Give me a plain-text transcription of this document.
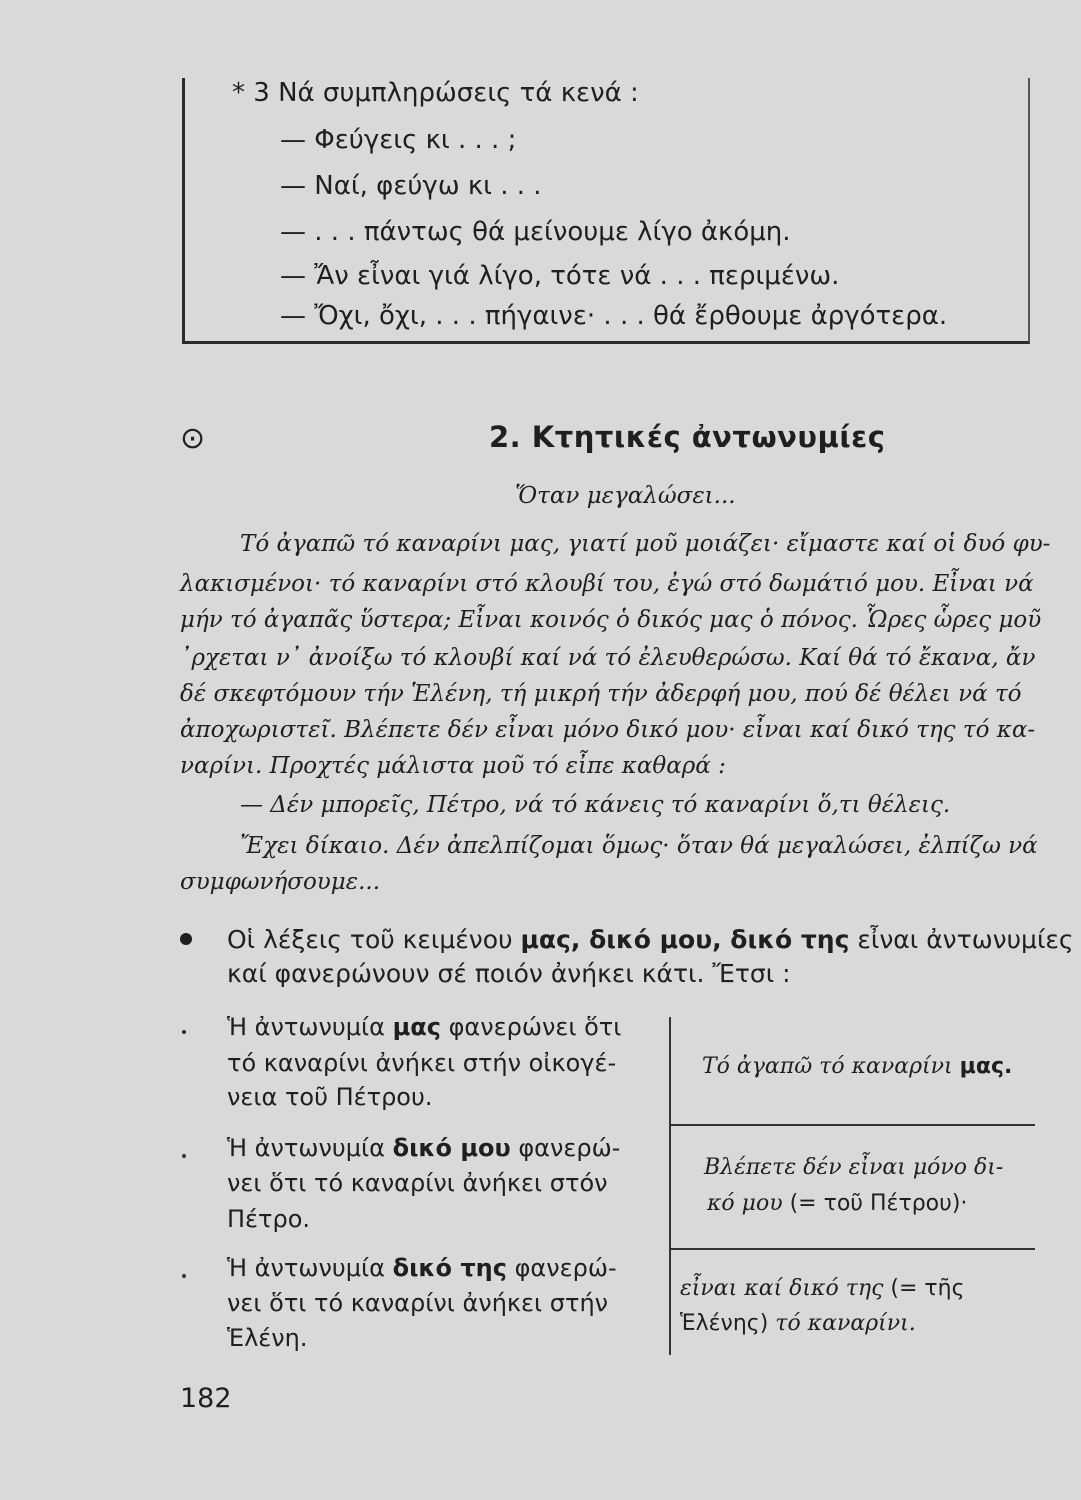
* 3 Νά συμπληρώσεις τά κενά :
— Φεύγεις κι . . . ;
— Ναί, φεύγω κι . . .
— . . . πάντως θά μείνουμε λίγο ἀκόμη.
— Ἄν εἶναι γιά λίγο, τότε νά . . . περιμένω.
— Ὄχι, ὄχι, . . . πήγαινε· . . . θά ἔρθουμε ἀργότερα.
⊙	2. Κτητικές ἀντωνυμίες
Ὅταν μεγαλώσει...
Τό ἀγαπῶ τό καναρίνι μας, γιατί μοῦ μοιάζει· εἴμαστε καί οἱ δυό φυ-
λακισμένοι· τό καναρίνι στό κλουβί του, ἐγώ στό δωμάτιό μου. Εἶναι νά
μήν τό ἀγαπᾶς ὕστερα; Εἶναι κοινός ὁ δικός μας ὁ πόνος. Ὧρες ὧρες μοῦ
᾽ρχεται ν᾽ ἀνοίξω τό κλουβί καί νά τό ἐλευθερώσω. Καί θά τό ἔκανα, ἄν
δέ σκεφτόμουν τήν Ἑλένη, τή μικρή τήν ἀδερφή μου, πού δέ θέλει νά τό
ἀποχωριστεῖ. Βλέπετε δέν εἶναι μόνο δικό μου· εἶναι καί δικό της τό κα-
ναρίνι. Προχτές μάλιστα μοῦ τό εἶπε καθαρά :
— Δέν μπορεῖς, Πέτρο, νά τό κάνεις τό καναρίνι ὅ,τι θέλεις.
Ἔχει δίκαιο. Δέν ἀπελπίζομαι ὅμως· ὅταν θά μεγαλώσει, ἐλπίζω νά
συμφωνήσουμε...
Οἱ λέξεις τοῦ κειμένου μας, δικό μου, δικό της εἶναι ἀντωνυμίες
καί φανερώνουν σέ ποιόν ἀνήκει κάτι. Ἔτσι :
Ἡ ἀντωνυμία μας φανερώνει ὅτι
τό καναρίνι ἀνήκει στήν οἰκογέ-
νεια τοῦ Πέτρου.
Ἡ ἀντωνυμία δικό μου φανερώ-
νει ὅτι τό καναρίνι ἀνήκει στόν
Πέτρο.
Ἡ ἀντωνυμία δικό της φανερώ-
νει ὅτι τό καναρίνι ἀνήκει στήν
Ἑλένη.
Τό ἀγαπῶ τό καναρίνι μας.
Βλέπετε δέν εἶναι μόνο δι-
κό μου (= τοῦ Πέτρου)·
εἶναι καί δικό της (= τῆς
Ἑλένης) τό καναρίνι.
182
